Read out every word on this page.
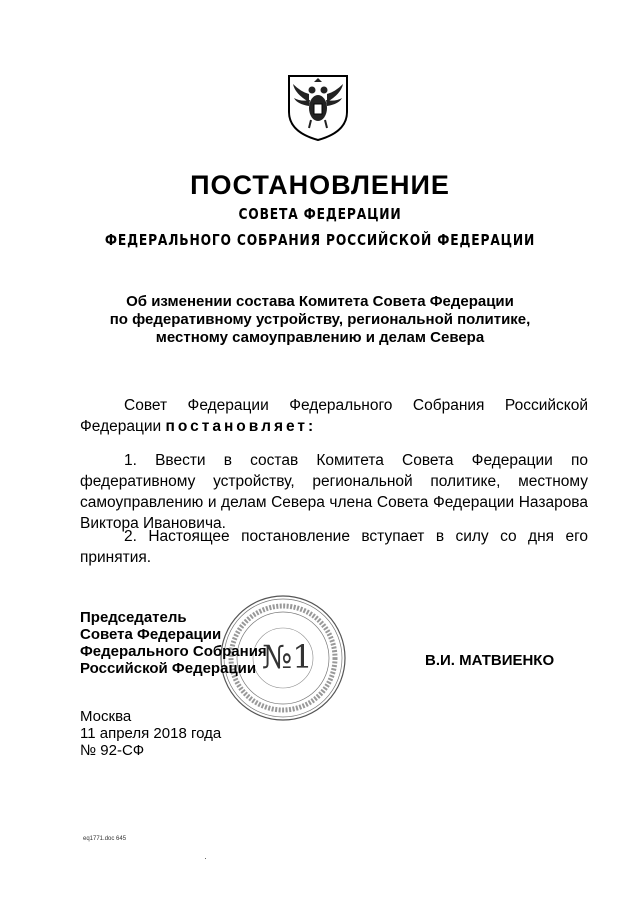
ПОСТАНОВЛЕНИЕ
СОВЕТА ФЕДЕРАЦИИ
ФЕДЕРАЛЬНОГО СОБРАНИЯ РОССИЙСКОЙ ФЕДЕРАЦИИ
Об изменении состава Комитета Совета Федерации
по федеративному устройству, региональной политике,
местному самоуправлению и делам Севера
Совет Федерации Федерального Собрания Российской Федерации постановляет:
1. Ввести в состав Комитета Совета Федерации по федеративному устройству, региональной политике, местному самоуправлению и делам Севера члена Совета Федерации Назарова Виктора Ивановича.
2. Настоящее постановление вступает в силу со дня его принятия.
№1
Председатель
Совета Федерации
Федерального Собрания
Российской Федерации	В.И. МАТВИЕНКО
Москва
11 апреля 2018 года
№ 92-СФ
eq1771.doc 645
